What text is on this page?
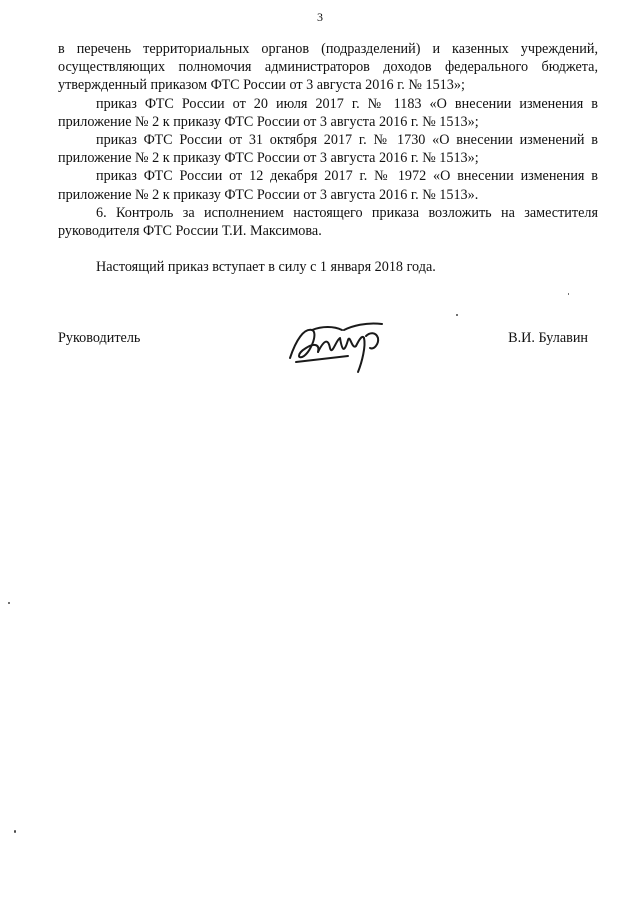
3

в перечень территориальных органов (подразделений) и казенных учреждений, осуществляющих полномочия администраторов доходов федерального бюджета, утвержденный приказом ФТС России от 3 августа 2016 г. № 1513»;

приказ ФТС России от 20 июля 2017 г. № 1183 «О внесении изменения в приложение № 2 к приказу ФТС России от 3 августа 2016 г. № 1513»;

приказ ФТС России от 31 октября 2017 г. № 1730 «О внесении изменений в приложение № 2 к приказу ФТС России от 3 августа 2016 г. № 1513»;

приказ ФТС России от 12 декабря 2017 г. № 1972 «О внесении изменения в приложение № 2 к приказу ФТС России от 3 августа 2016 г. № 1513».

6. Контроль за исполнением настоящего приказа возложить на заместителя руководителя ФТС России Т.И. Максимова.

Настоящий приказ вступает в силу с 1 января 2018 года.
Руководитель	В.И. Булавин
